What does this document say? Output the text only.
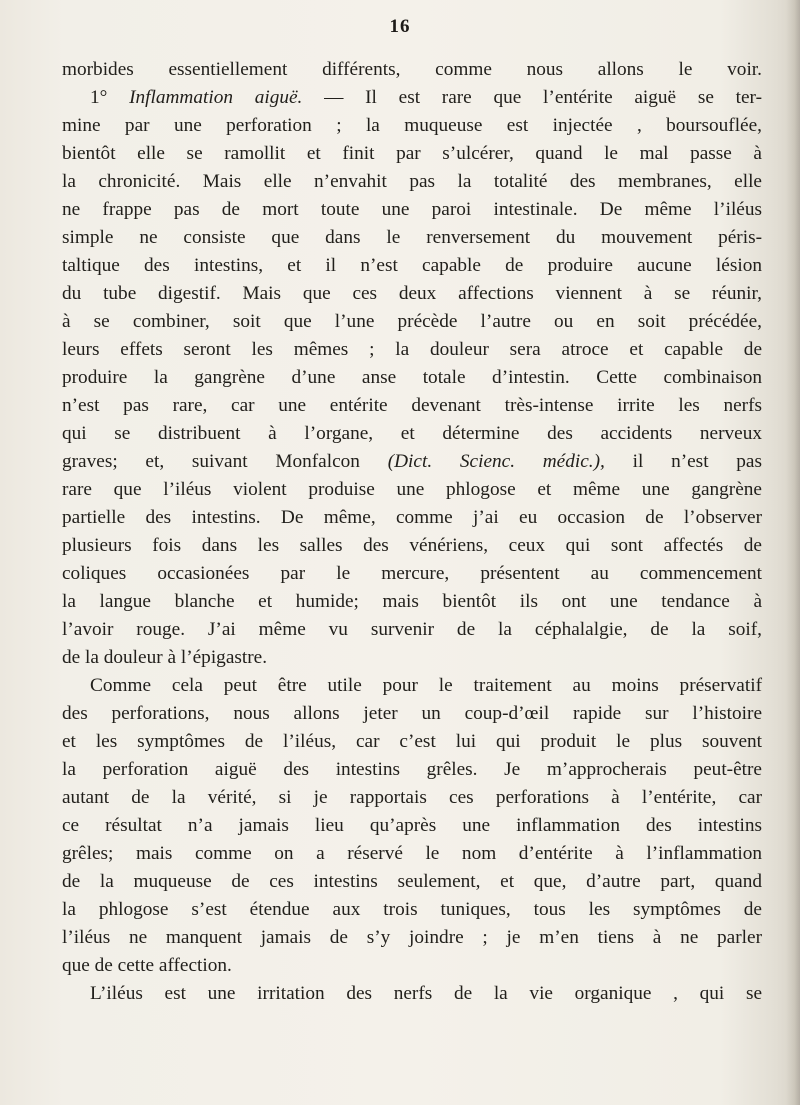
16
morbides essentiellement différents, comme nous allons le voir.
1° Inflammation aiguë. — Il est rare que l’entérite aiguë se ter-
mine par une perforation ; la muqueuse est injectée , boursouflée,
bientôt elle se ramollit et finit par s’ulcérer, quand le mal passe à
la chronicité. Mais elle n’envahit pas la totalité des membranes, elle
ne frappe pas de mort toute une paroi intestinale. De même l’iléus
simple ne consiste que dans le renversement du mouvement péris-
taltique des intestins, et il n’est capable de produire aucune lésion
du tube digestif. Mais que ces deux affections viennent à se réunir,
à se combiner, soit que l’une précède l’autre ou en soit précédée,
leurs effets seront les mêmes ; la douleur sera atroce et capable de
produire la gangrène d’une anse totale d’intestin. Cette combinaison
n’est pas rare, car une entérite devenant très-intense irrite les nerfs
qui se distribuent à l’organe, et détermine des accidents nerveux
graves; et, suivant Monfalcon (Dict. Scienc. médic.), il n’est pas
rare que l’iléus violent produise une phlogose et même une gangrène
partielle des intestins. De même, comme j’ai eu occasion de l’observer
plusieurs fois dans les salles des vénériens, ceux qui sont affectés de
coliques occasionées par le mercure, présentent au commencement
la langue blanche et humide; mais bientôt ils ont une tendance à
l’avoir rouge. J’ai même vu survenir de la céphalalgie, de la soif,
de la douleur à l’épigastre.
Comme cela peut être utile pour le traitement au moins préservatif
des perforations, nous allons jeter un coup-d’œil rapide sur l’histoire
et les symptômes de l’iléus, car c’est lui qui produit le plus souvent
la perforation aiguë des intestins grêles. Je m’approcherais peut-être
autant de la vérité, si je rapportais ces perforations à l’entérite, car
ce résultat n’a jamais lieu qu’après une inflammation des intestins
grêles; mais comme on a réservé le nom d’entérite à l’inflammation
de la muqueuse de ces intestins seulement, et que, d’autre part, quand
la phlogose s’est étendue aux trois tuniques, tous les symptômes de
l’iléus ne manquent jamais de s’y joindre ; je m’en tiens à ne parler
que de cette affection.
L’iléus est une irritation des nerfs de la vie organique , qui se
